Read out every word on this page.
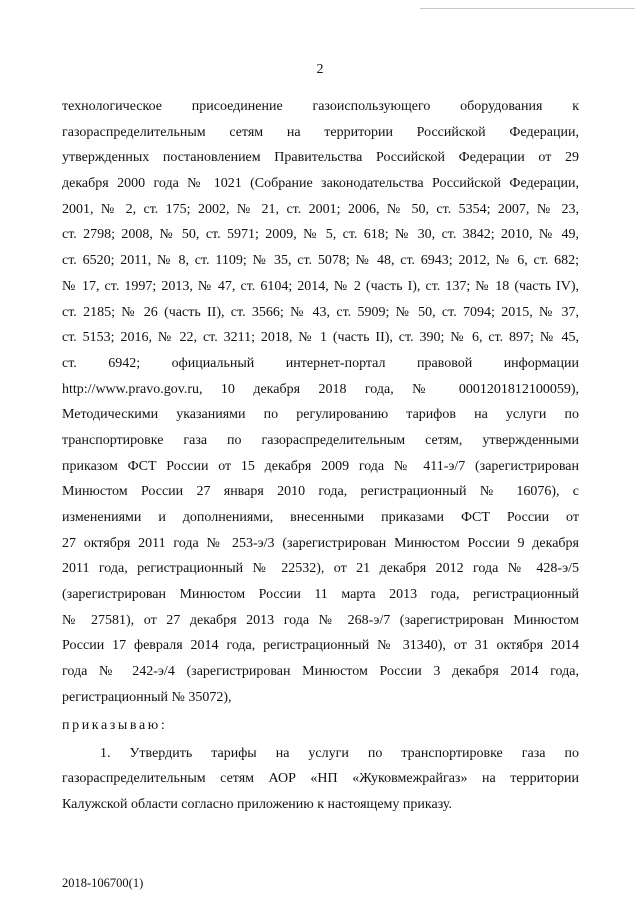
2
технологическое присоединение газоиспользующего оборудования к
газораспределительным сетям на территории Российской Федерации,
утвержденных постановлением Правительства Российской Федерации от 29
декабря 2000 года № 1021 (Собрание законодательства Российской Федерации,
2001, № 2, ст. 175; 2002, № 21, ст. 2001; 2006, № 50, ст. 5354; 2007, № 23,
ст. 2798; 2008, № 50, ст. 5971; 2009, № 5, ст. 618; № 30, ст. 3842; 2010, № 49,
ст. 6520; 2011, № 8, ст. 1109; № 35, ст. 5078; № 48, ст. 6943; 2012, № 6, ст. 682;
№ 17, ст. 1997; 2013, № 47, ст. 6104; 2014, № 2 (часть I), ст. 137; № 18 (часть IV),
ст. 2185; № 26 (часть II), ст. 3566; № 43, ст. 5909; № 50, ст. 7094; 2015, № 37,
ст. 5153; 2016, № 22, ст. 3211; 2018, № 1 (часть II), ст. 390; № 6, ст. 897; № 45,
ст. 6942; официальный интернет-портал правовой информации
http://www.pravo.gov.ru, 10 декабря 2018 года, № 0001201812100059),
Методическими указаниями по регулированию тарифов на услуги по
транспортировке газа по газораспределительным сетям, утвержденными
приказом ФСТ России от 15 декабря 2009 года № 411-э/7 (зарегистрирован
Минюстом России 27 января 2010 года, регистрационный № 16076), с
изменениями и дополнениями, внесенными приказами ФСТ России от
27 октября 2011 года № 253-э/3 (зарегистрирован Минюстом России 9 декабря
2011 года, регистрационный № 22532), от 21 декабря 2012 года № 428-э/5
(зарегистрирован Минюстом России 11 марта 2013 года, регистрационный
№ 27581), от 27 декабря 2013 года № 268-э/7 (зарегистрирован Минюстом
России 17 февраля 2014 года, регистрационный № 31340), от 31 октября 2014
года № 242-э/4 (зарегистрирован Минюстом России 3 декабря 2014 года,
регистрационный № 35072),
приказываю:
1. Утвердить тарифы на услуги по транспортировке газа по
газораспределительным сетям АОР «НП «Жуковмежрайгаз» на территории
Калужской области согласно приложению к настоящему приказу.
2018-106700(1)
